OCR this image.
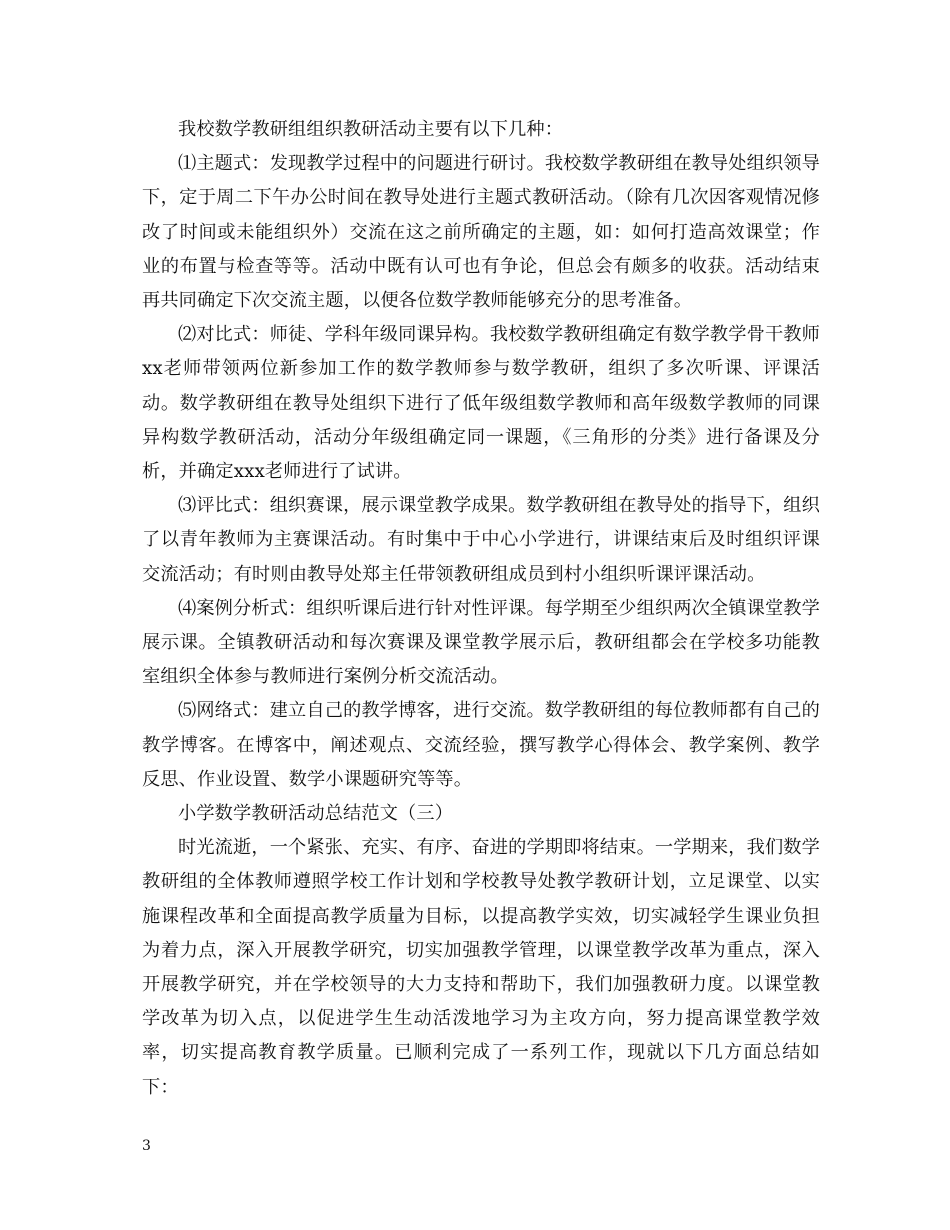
我校数学教研组组织教研活动主要有以下几种：

⑴主题式：发现教学过程中的问题进行研讨。我校数学教研组在教导处组织领导下，定于周二下午办公时间在教导处进行主题式教研活动。（除有几次因客观情况修改了时间或未能组织外）交流在这之前所确定的主题，如：如何打造高效课堂；作业的布置与检查等等。活动中既有认可也有争论，但总会有颇多的收获。活动结束再共同确定下次交流主题，以便各位数学教师能够充分的思考准备。

⑵对比式：师徒、学科年级同课异构。我校数学教研组确定有数学教学骨干教师xx老师带领两位新参加工作的数学教师参与数学教研，组织了多次听课、评课活动。数学教研组在教导处组织下进行了低年级组数学教师和高年级数学教师的同课异构数学教研活动，活动分年级组确定同一课题，《三角形的分类》进行备课及分析，并确定xxx老师进行了试讲。

⑶评比式：组织赛课，展示课堂教学成果。数学教研组在教导处的指导下，组织了以青年教师为主赛课活动。有时集中于中心小学进行，讲课结束后及时组织评课交流活动；有时则由教导处郑主任带领教研组成员到村小组织听课评课活动。

⑷案例分析式：组织听课后进行针对性评课。每学期至少组织两次全镇课堂教学展示课。全镇教研活动和每次赛课及课堂教学展示后，教研组都会在学校多功能教室组织全体参与教师进行案例分析交流活动。

⑸网络式：建立自己的教学博客，进行交流。数学教研组的每位教师都有自己的教学博客。在博客中，阐述观点、交流经验，撰写教学心得体会、教学案例、教学反思、作业设置、数学小课题研究等等。

小学数学教研活动总结范文（三）

时光流逝，一个紧张、充实、有序、奋进的学期即将结束。一学期来，我们数学教研组的全体教师遵照学校工作计划和学校教导处教学教研计划，立足课堂、以实施课程改革和全面提高教学质量为目标，以提高教学实效，切实减轻学生课业负担为着力点，深入开展教学研究，切实加强教学管理，以课堂教学改革为重点，深入开展教学研究，并在学校领导的大力支持和帮助下，我们加强教研力度。以课堂教学改革为切入点，以促进学生生动活泼地学习为主攻方向，努力提高课堂教学效率，切实提高教育教学质量。已顺利完成了一系列工作，现就以下几方面总结如下：

3
